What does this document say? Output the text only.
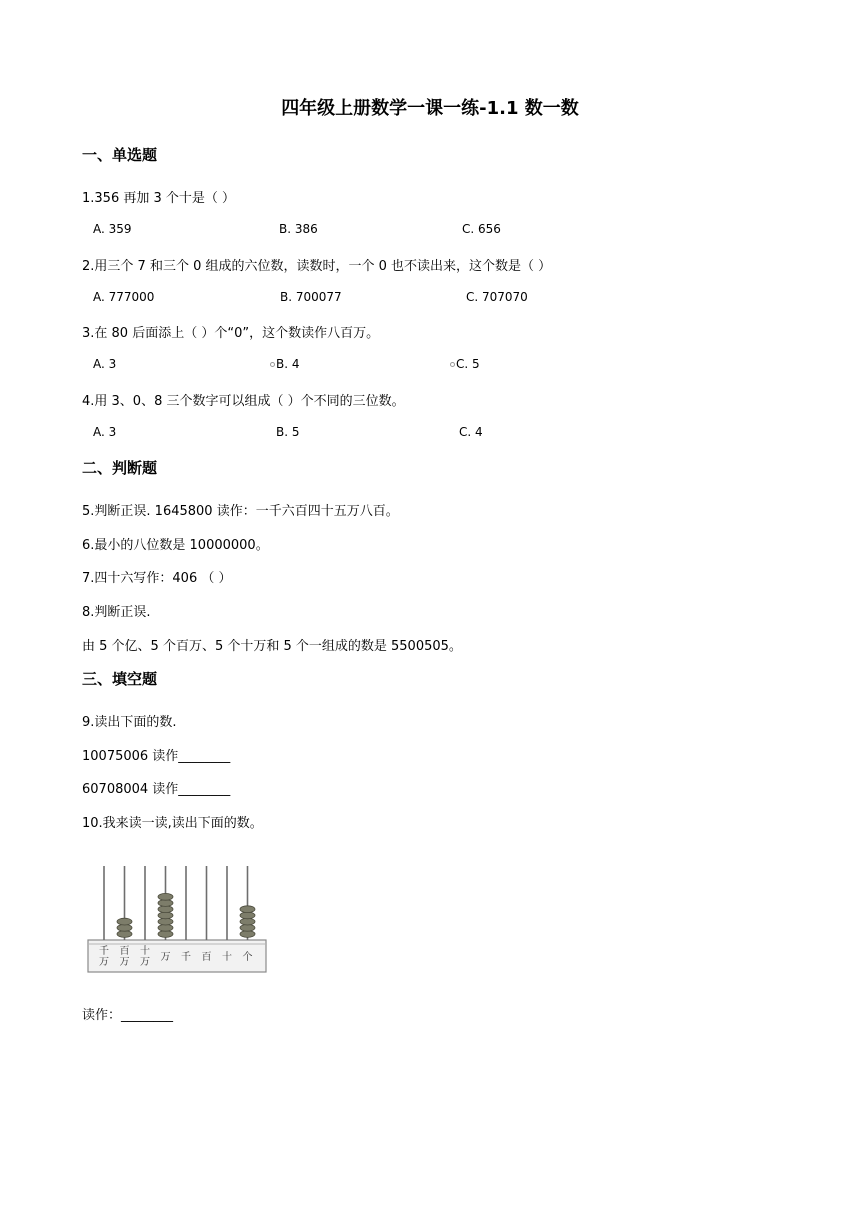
四年级上册数学一课一练-1.1 数一数
一、单选题
1.356 再加 3 个十是（ ）
A. 359	B. 386	C. 656
2.用三个 7 和三个 0 组成的六位数，读数时，一个 0 也不读出来，这个数是（ ）
A. 777000	B. 700077	C. 707070
3.在 80 后面添上（ ）个“0”，这个数读作八百万。
A. 3	B. 4	C. 5
4.用 3、0、8 三个数字可以组成（ ）个不同的三位数。
A. 3	B. 5	C. 4
二、判断题
5.判断正误. 1645800 读作：一千六百四十五万八百。
6.最小的八位数是 10000000。
7.四十六写作：406 （ ）
8.判断正误.
由 5 个亿、5 个百万、5 个十万和 5 个一组成的数是 5500505。
三、填空题
9.读出下面的数.
10075006 读作________
60708004 读作________
10.我来读一读,读出下面的数。
千万
百万
十万 万 千 百 十 个
读作：________
